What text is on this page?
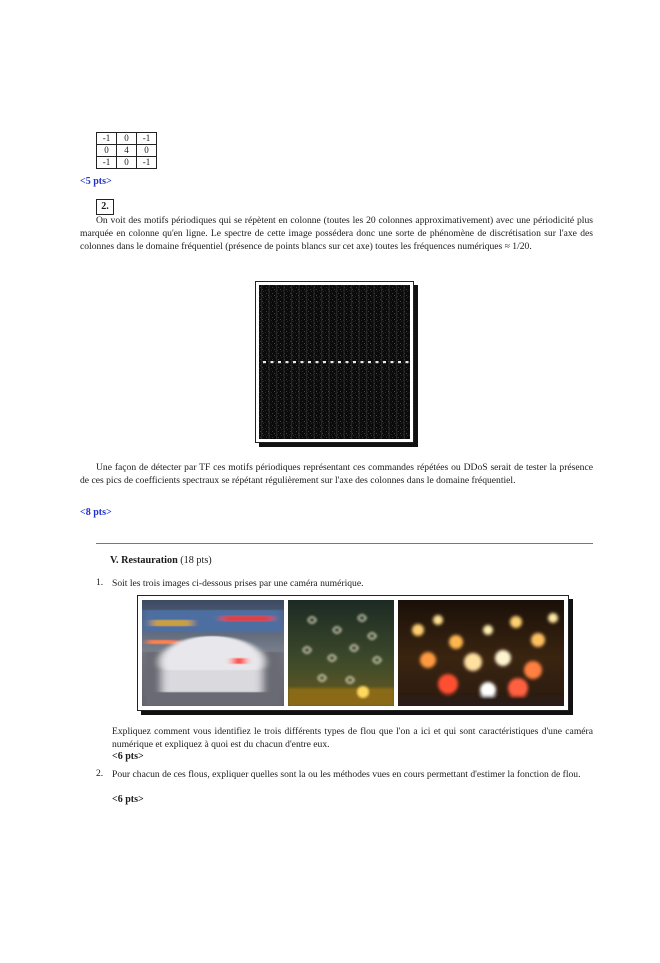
-1	0	-1
0	4	0
-1	0	-1
<5 pts>
2.

On voit des motifs périodiques qui se répètent en colonne (toutes les 20 colonnes approximativement) avec une périodicité plus marquée en colonne qu'en ligne. Le spectre de cette image possédera donc une sorte de phénomène de discrétisation sur l'axe des colonnes dans le domaine fréquentiel (présence de points blancs sur cet axe) toutes les fréquences numériques ≈ 1/20.

Une façon de détecter par TF ces motifs périodiques représentant ces commandes répétées ou DDoS serait de tester la présence de ces pics de coefficients spectraux se répétant régulièrement sur l'axe des colonnes dans le domaine fréquentiel.

<8 pts>
V. Restauration (18 pts)
1. Soit les trois images ci-dessous prises par une caméra numérique.

Expliquez comment vous identifiez le trois différents types de flou que l'on a ici et qui sont caractéristiques d'une caméra numérique et expliquez à quoi est du chacun d'entre eux.

<6 pts>
2. Pour chacun de ces flous, expliquer quelles sont la ou les méthodes vues en cours permettant d'estimer la fonction de flou.

<6 pts>
